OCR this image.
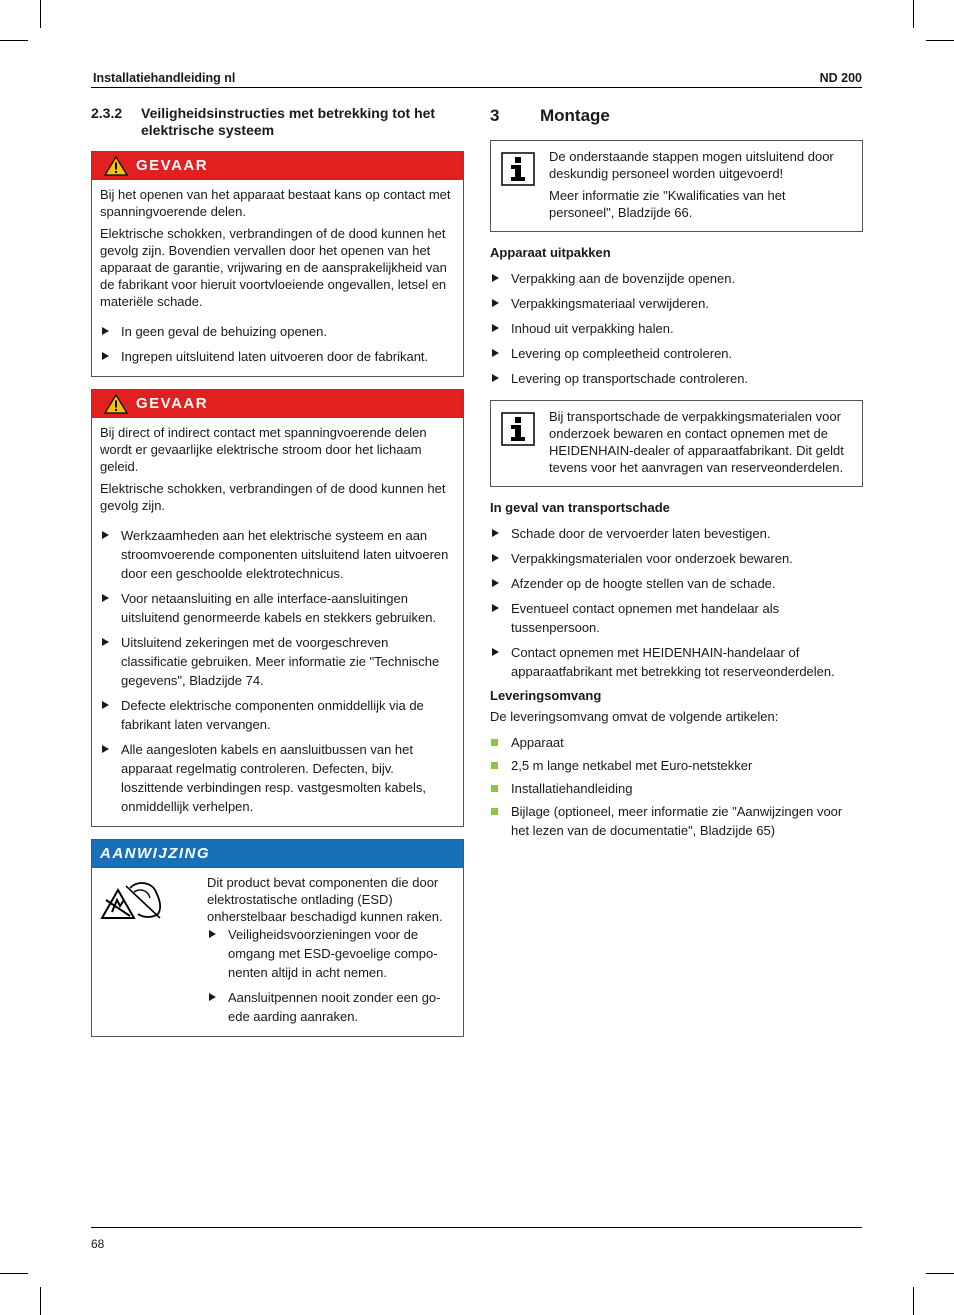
Installatiehandleiding nl	ND 200
2.3.2	Veiligheidsinstructies met betrekking tot het elektrische systeem
GEVAAR

Bij het openen van het apparaat bestaat kans op contact met spanningvoerende delen.

Elektrische schokken, verbrandingen of de dood kunnen het gevolg zijn. Bovendien vervallen door het openen van het apparaat de garantie, vrijwaring en de aansprakelijkheid van de fabrikant voor hieruit voortvloeiende ongevallen, letsel en materiële schade.

In geen geval de behuizing openen.
Ingrepen uitsluitend laten uitvoeren door de fabrikant.
GEVAAR

Bij direct of indirect contact met spanningvoerende delen wordt er gevaarlijke elektrische stroom door het lichaam geleid.

Elektrische schokken, verbrandingen of de dood kunnen het gevolg zijn.

Werkzaamheden aan het elektrische systeem en aan stroomvoerende componenten uitsluitend laten uitvoeren door een geschoolde elektrotechnicus.
Voor netaansluiting en alle interface-aansluitingen uitsluitend genormeerde kabels en stekkers gebruiken.
Uitsluitend zekeringen met de voorgeschreven classificatie gebruiken. Meer informatie zie "Technische gegevens", Bladzijde 74.
Defecte elektrische componenten onmiddellijk via de fabrikant laten vervangen.
Alle aangesloten kabels en aansluitbussen van het apparaat regelmatig controleren. Defecten, bijv. loszittende verbindingen resp. vastgesmolten kabels, onmiddellijk verhelpen.
AANWIJZING

Dit product bevat componenten die door elektrostatische ontlading (ESD) onherstelbaar beschadigd kunnen raken.

Veiligheidsvoorzieningen voor de omgang met ESD-gevoelige compo-nenten altijd in acht nemen.
Aansluitpennen nooit zonder een go-ede aarding aanraken.
3	Montage

De onderstaande stappen mogen uitsluitend door deskundig personeel worden uitgevoerd!

Meer informatie zie "Kwalificaties van het personeel", Bladzijde 66.

Apparaat uitpakken
Verpakking aan de bovenzijde openen.
Verpakkingsmateriaal verwijderen.
Inhoud uit verpakking halen.
Levering op compleetheid controleren.
Levering op transportschade controleren.

Bij transportschade de verpakkingsmaterialen voor onderzoek bewaren en contact opnemen met de HEIDENHAIN-dealer of apparaatfabrikant. Dit geldt tevens voor het aanvragen van reserveonderdelen.

In geval van transportschade
Schade door de vervoerder laten bevestigen.
Verpakkingsmaterialen voor onderzoek bewaren.
Afzender op de hoogte stellen van de schade.
Eventueel contact opnemen met handelaar als tussenpersoon.
Contact opnemen met HEIDENHAIN-handelaar of apparaatfabrikant met betrekking tot reserveonderdelen.
Leveringsomvang

De leveringsomvang omvat de volgende artikelen:

Apparaat
2,5 m lange netkabel met Euro-netstekker
Installatiehandleiding
Bijlage (optioneel, meer informatie zie "Aanwijzingen voor het lezen van de documentatie", Bladzijde 65)
68
